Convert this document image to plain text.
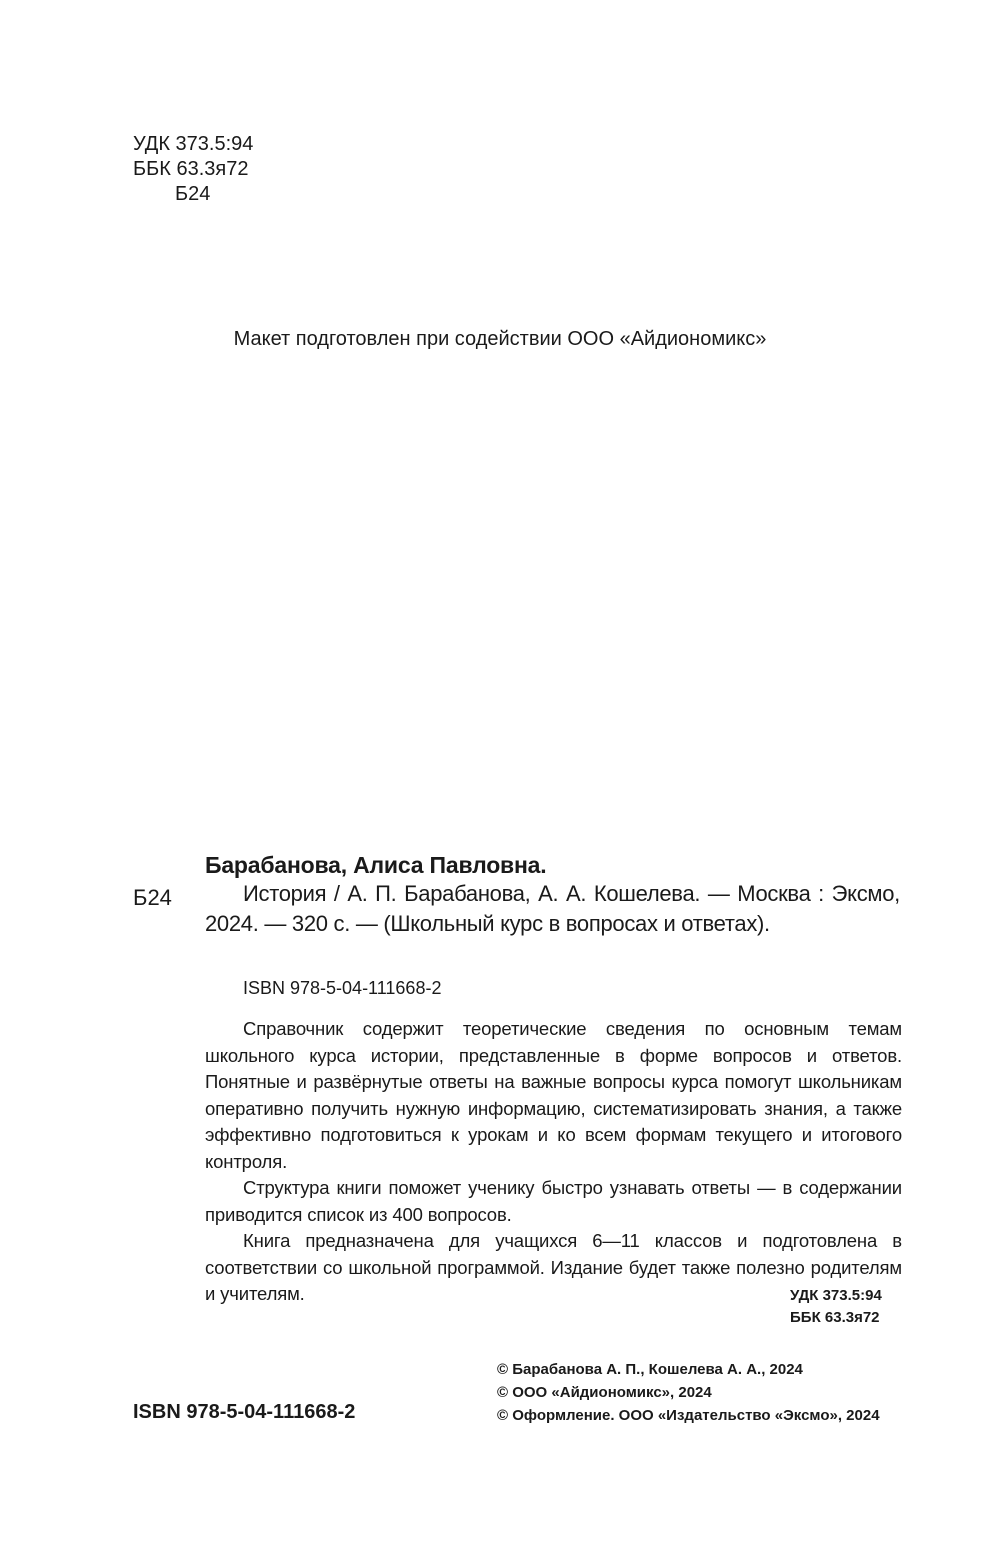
УДК 373.5:94
ББК 63.3я72
Б24
Макет подготовлен при содействии ООО «Айдиономикс»
Б24

Барабанова, Алиса Павловна.

История / А. П. Барабанова, А. А. Кошелева. — Москва : Эксмо, 2024. — 320 с. — (Школьный курс в вопросах и ответах).

ISBN 978-5-04-111668-2

Справочник содержит теоретические сведения по основным темам школьного курса истории, представленные в форме вопросов и ответов. Понятные и развёрнутые ответы на важные вопросы курса помогут школьникам оперативно получить нужную информацию, систематизировать знания, а также эффективно подготовиться к урокам и ко всем формам текущего и итогового контроля.

Структура книги поможет ученику быстро узнавать ответы — в содержании приводится список из 400 вопросов.

Книга предназначена для учащихся 6—11 классов и подготовлена в соответствии со школьной программой. Издание будет также полезно родителям и учителям.	УДК 373.5:94
ББК 63.3я72
ISBN 978-5-04-111668-2
© Барабанова А. П., Кошелева А. А., 2024
© ООО «Айдиономикс», 2024
© Оформление. ООО «Издательство «Эксмо», 2024
